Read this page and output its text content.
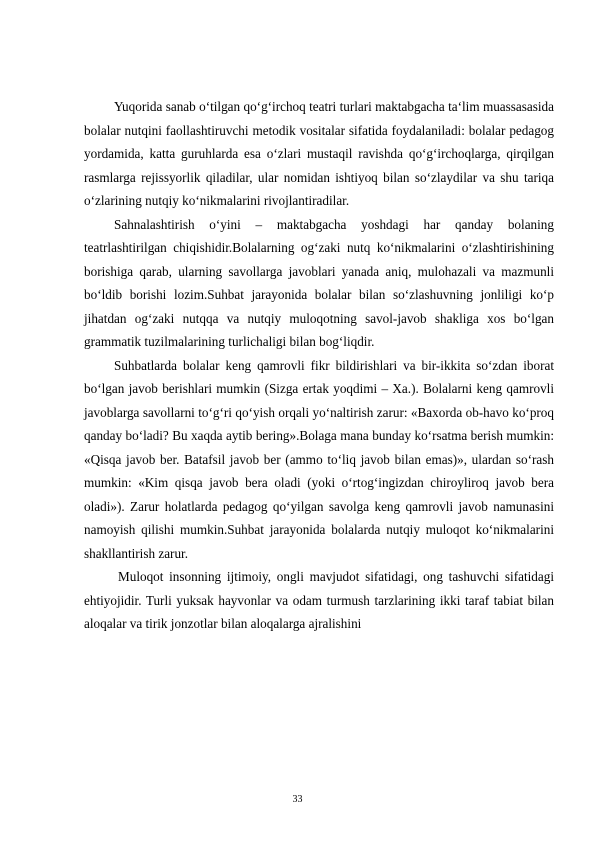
Yuqorida sanab o‘tilgan qo‘g‘irchoq teatri turlari maktabgacha ta‘lim muassasasida bolalar nutqini faollashtiruvchi metodik vositalar sifatida foydalaniladi: bolalar pedagog yordamida, katta guruhlarda esa o‘zlari mustaqil ravishda qo‘g‘irchoqlarga, qirqilgan rasmlarga rejissyorlik qiladilar, ular nomidan ishtiyoq bilan so‘zlaydilar va shu tariqa o‘zlarining nutqiy ko‘nikmalarini rivojlantiradilar.

Sahnalashtirish o‘yini – maktabgacha yoshdagi har qanday bolaning teatrlashtirilgan chiqishidir.Bolalarning og‘zaki nutq ko‘nikmalarini o‘zlashtirishining borishiga qarab, ularning savollarga javoblari yanada aniq, mulohazali va mazmunli bo‘ldib borishi lozim.Suhbat jarayonida bolalar bilan so‘zlashuvning jonliligi ko‘p jihatdan og‘zaki nutqqa va nutqiy muloqotning savol-javob shakliga xos bo‘lgan grammatik tuzilmalarining turlichaligi bilan bog‘liqdir.

Suhbatlarda bolalar keng qamrovli fikr bildirishlari va bir-ikkita so‘zdan iborat bo‘lgan javob berishlari mumkin (Sizga ertak yoqdimi – Xa.). Bolalarni keng qamrovli javoblarga savollarni to‘g‘ri qo‘yish orqali yo‘naltirish zarur: «Baxorda ob-havo ko‘proq qanday bo‘ladi? Bu xaqda aytib bering».Bolaga mana bunday ko‘rsatma berish mumkin: «Qisqa javob ber. Batafsil javob ber (ammo to‘liq javob bilan emas)», ulardan so‘rash mumkin: «Kim qisqa javob bera oladi (yoki o‘rtog‘ingizdan chiroyliroq javob bera oladi»). Zarur holatlarda pedagog qo‘yilgan savolga keng qamrovli javob namunasini namoyish qilishi mumkin.Suhbat jarayonida bolalarda nutqiy muloqot ko‘nikmalarini shakllantirish zarur.

Muloqot insonning ijtimoiy, ongli mavjudot sifatidagi, ong tashuvchi sifatidagi ehtiyojidir. Turli yuksak hayvonlar va odam turmush tarzlarining ikki taraf tabiat bilan aloqalar va tirik jonzotlar bilan aloqalarga ajralishini

33
